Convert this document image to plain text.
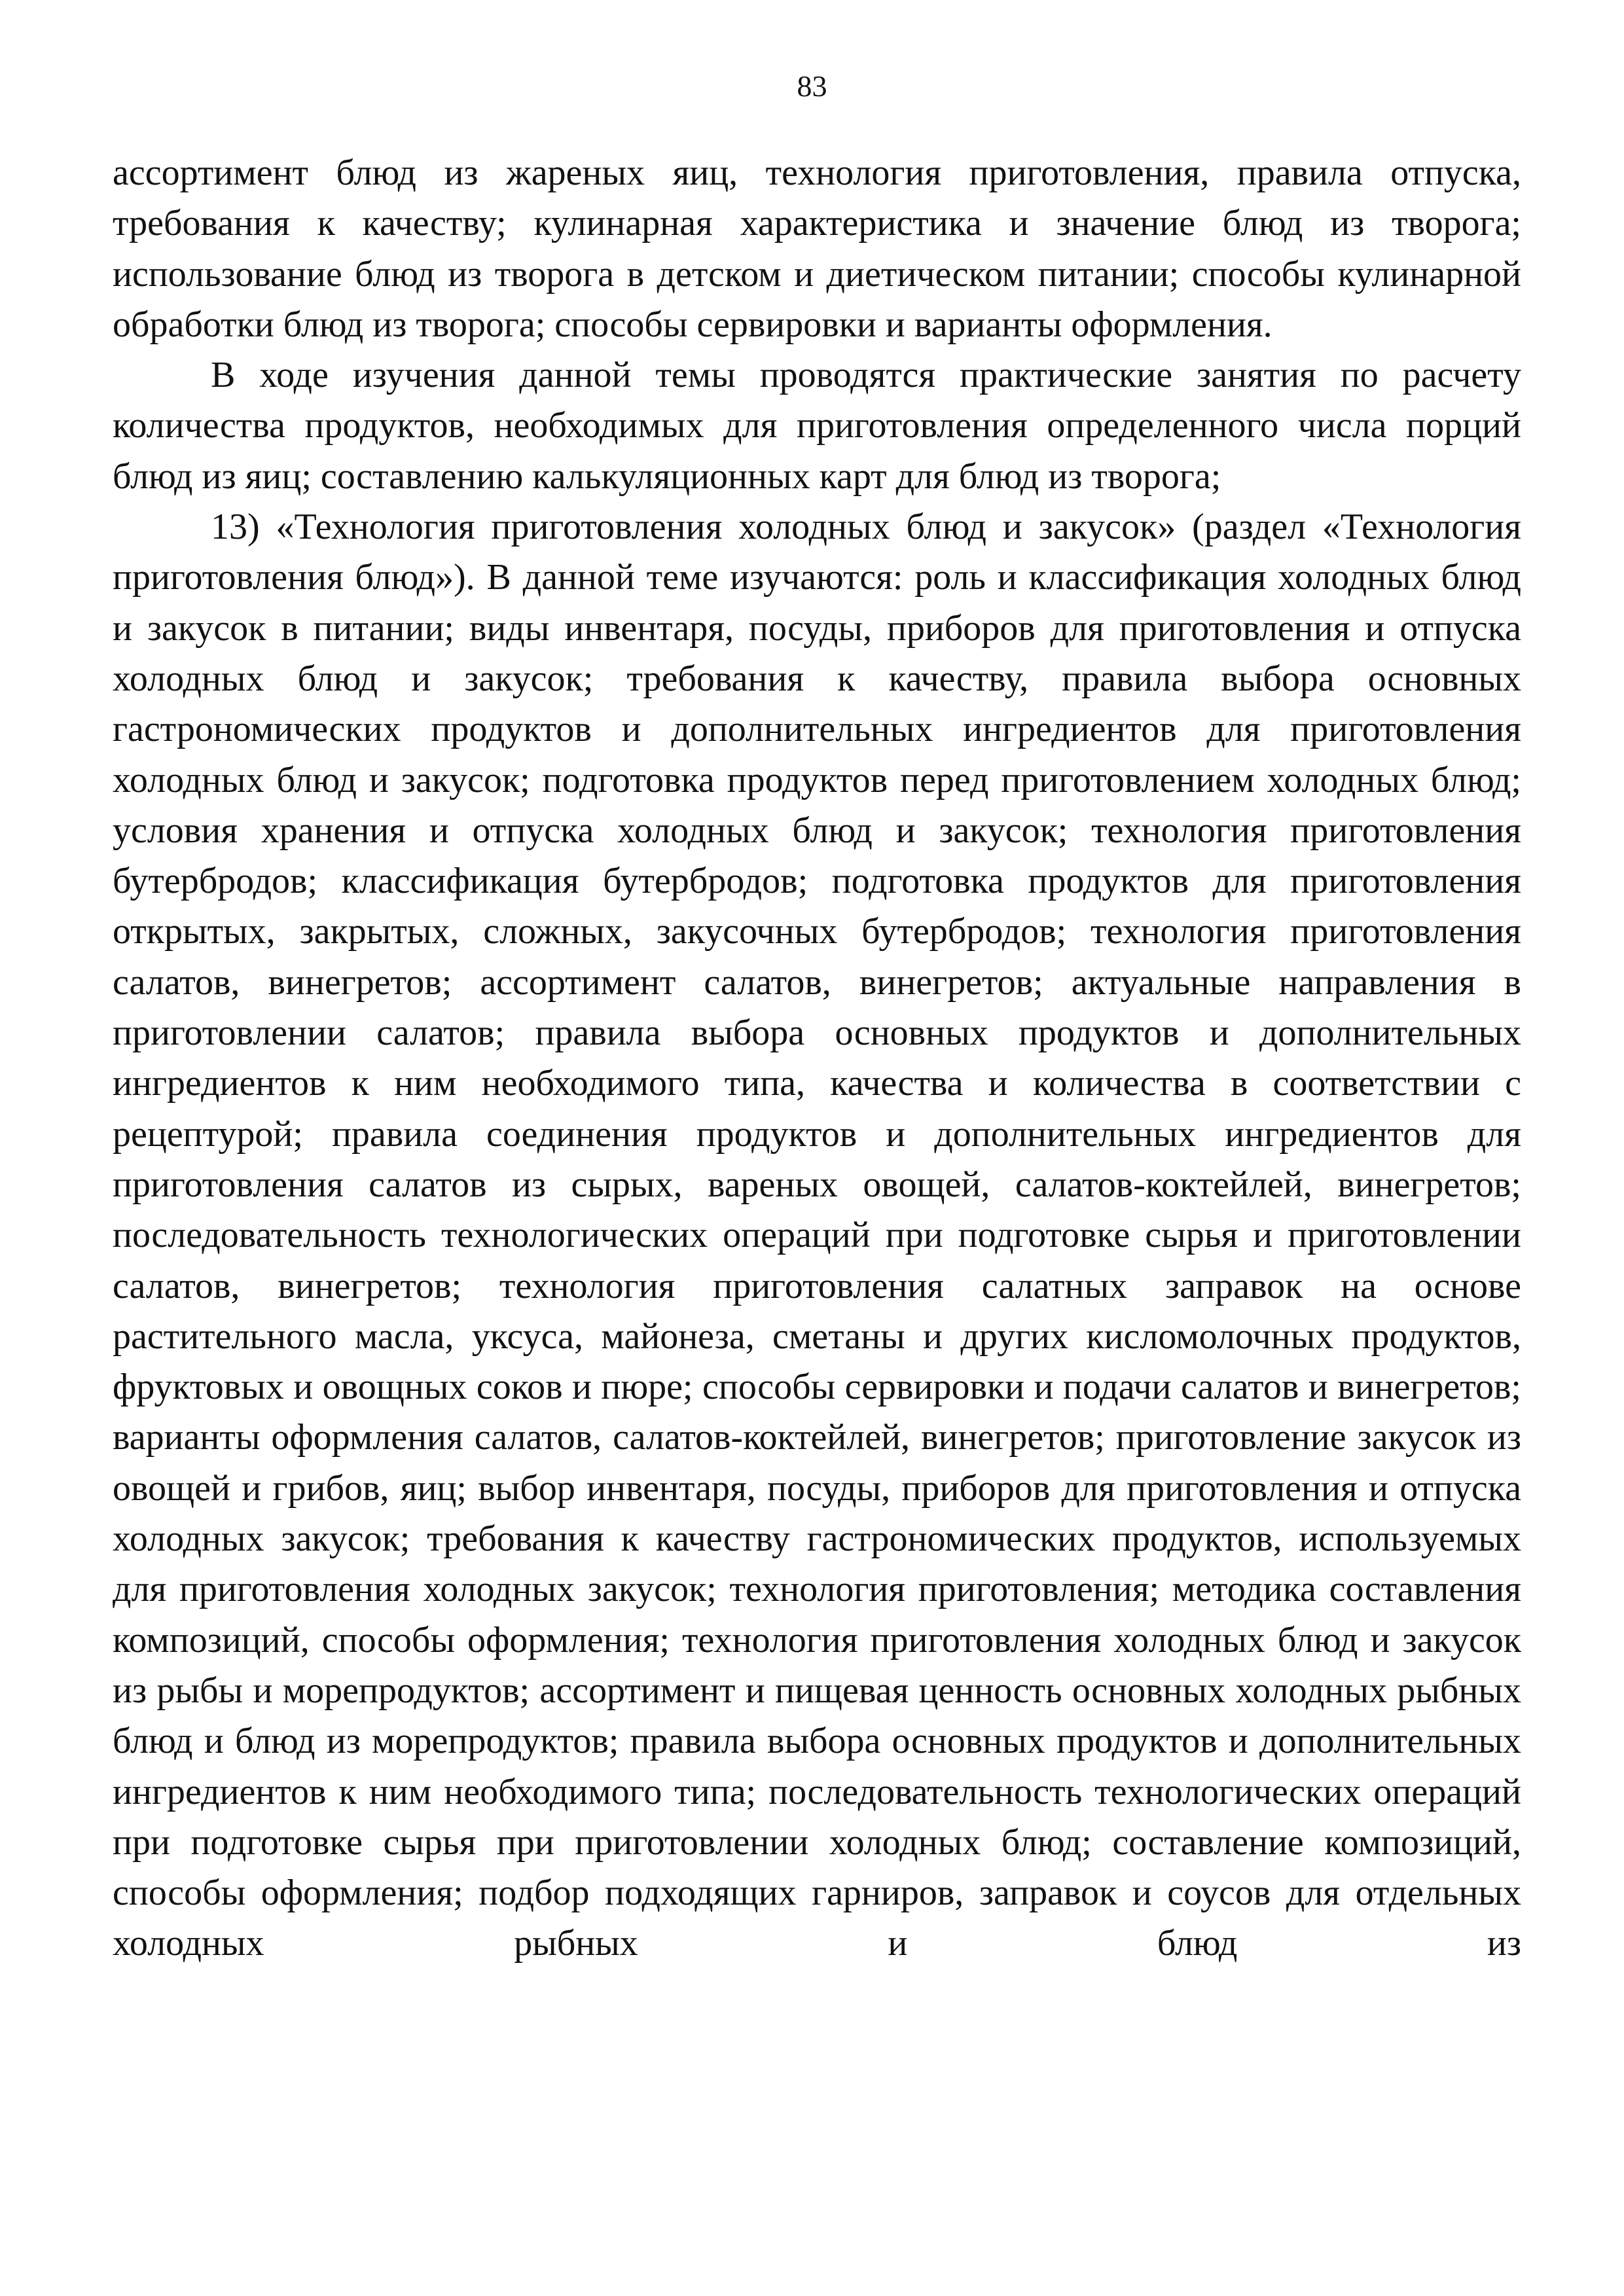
83

ассортимент блюд из жареных яиц, технология приготовления, правила отпуска, требования к качеству; кулинарная характеристика и значение блюд из творога; использование блюд из творога в детском и диетическом питании; способы кулинарной обработки блюд из творога; способы сервировки и варианты оформления.

В ходе изучения данной темы проводятся практические занятия по расчету количества продуктов, необходимых для приготовления определенного числа порций блюд из яиц; составлению калькуляционных карт для блюд из творога;

13) «Технология приготовления холодных блюд и закусок» (раздел «Технология приготовления блюд»). В данной теме изучаются: роль и классификация холодных блюд и закусок в питании; виды инвентаря, посуды, приборов для приготовления и отпуска холодных блюд и закусок; требования к качеству, правила выбора основных гастрономических продуктов и дополнительных ингредиентов для приготовления холодных блюд и закусок; подготовка продуктов перед приготовлением холодных блюд; условия хранения и отпуска холодных блюд и закусок; технология приготовления бутербродов; классификация бутербродов; подготовка продуктов для приготовления открытых, закрытых, сложных, закусочных бутербродов; технология приготовления салатов, винегретов; ассортимент салатов, винегретов; актуальные направления в приготовлении салатов; правила выбора основных продуктов и дополнительных ингредиентов к ним необходимого типа, качества и количества в соответствии с рецептурой; правила соединения продуктов и дополнительных ингредиентов для приготовления салатов из сырых, вареных овощей, салатов-коктейлей, винегретов; последовательность технологических операций при подготовке сырья и приготовлении салатов, винегретов; технология приготовления салатных заправок на основе растительного масла, уксуса, майонеза, сметаны и других кисломолочных продуктов, фруктовых и овощных соков и пюре; способы сервировки и подачи салатов и винегретов; варианты оформления салатов, салатов-коктейлей, винегретов; приготовление закусок из овощей и грибов, яиц; выбор инвентаря, посуды, приборов для приготовления и отпуска холодных закусок; требования к качеству гастрономических продуктов, используемых для приготовления холодных закусок; технология приготовления; методика составления композиций, способы оформления; технология приготовления холодных блюд и закусок из рыбы и морепродуктов; ассортимент и пищевая ценность основных холодных рыбных блюд и блюд из морепродуктов; правила выбора основных продуктов и дополнительных ингредиентов к ним необходимого типа; последовательность технологических операций при подготовке сырья при приготовлении холодных блюд; составление композиций, способы оформления; подбор подходящих гарниров, заправок и соусов для отдельных холодных рыбных и блюд из
